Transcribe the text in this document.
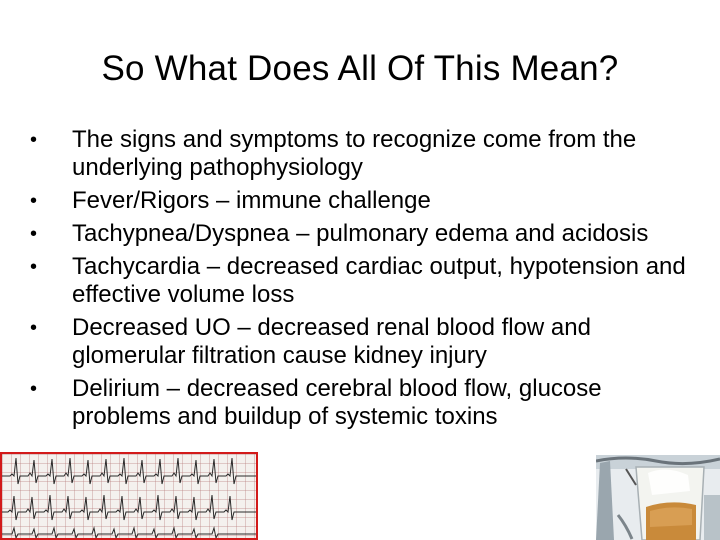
So What Does All Of This Mean?
• The signs and symptoms to recognize come from the underlying pathophysiology
• Fever/Rigors – immune challenge
• Tachypnea/Dyspnea – pulmonary edema and acidosis
• Tachycardia – decreased cardiac output, hypotension and effective volume loss
• Decreased UO – decreased renal blood flow and glomerular filtration cause kidney injury
• Delirium – decreased cerebral blood flow, glucose problems and buildup of systemic toxins
